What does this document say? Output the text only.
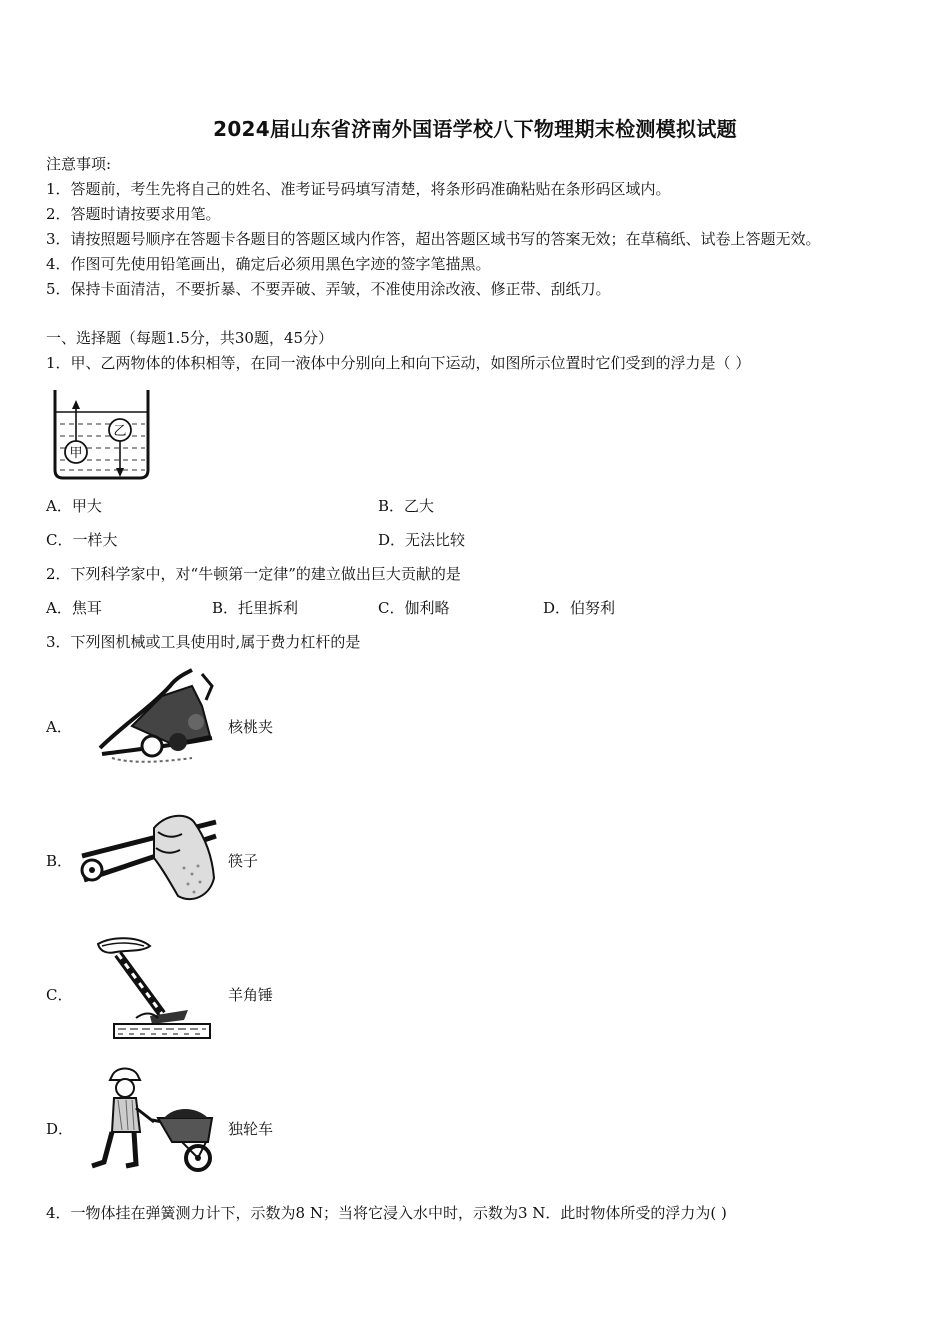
2024届山东省济南外国语学校八下物理期末检测模拟试题
注意事项:
1．答题前，考生先将自己的姓名、准考证号码填写清楚，将条形码准确粘贴在条形码区域内。
2．答题时请按要求用笔。
3．请按照题号顺序在答题卡各题目的答题区域内作答，超出答题区域书写的答案无效；在草稿纸、试卷上答题无效。
4．作图可先使用铅笔画出，确定后必须用黑色字迹的签字笔描黑。
5．保持卡面清洁，不要折暴、不要弄破、弄皱，不准使用涂改液、修正带、刮纸刀。
一、选择题（每题1.5分，共30题，45分）
1．甲、乙两物体的体积相等，在同一液体中分别向上和向下运动，如图所示位置时它们受到的浮力是（ ）
甲
乙
A．甲大	B．乙大
C．一样大	D．无法比较
2．下列科学家中，对“牛顿第一定律”的建立做出巨大贡献的是
A．焦耳	B．托里拆利	C．伽利略	D．伯努利
3．下列图机械或工具使用时,属于费力杠杆的是
A．	核桃夹
B．	筷子
C．	羊角锤
D．	独轮车
4．一物体挂在弹簧测力计下，示数为8 N；当将它浸入水中时，示数为3 N．此时物体所受的浮力为( )
